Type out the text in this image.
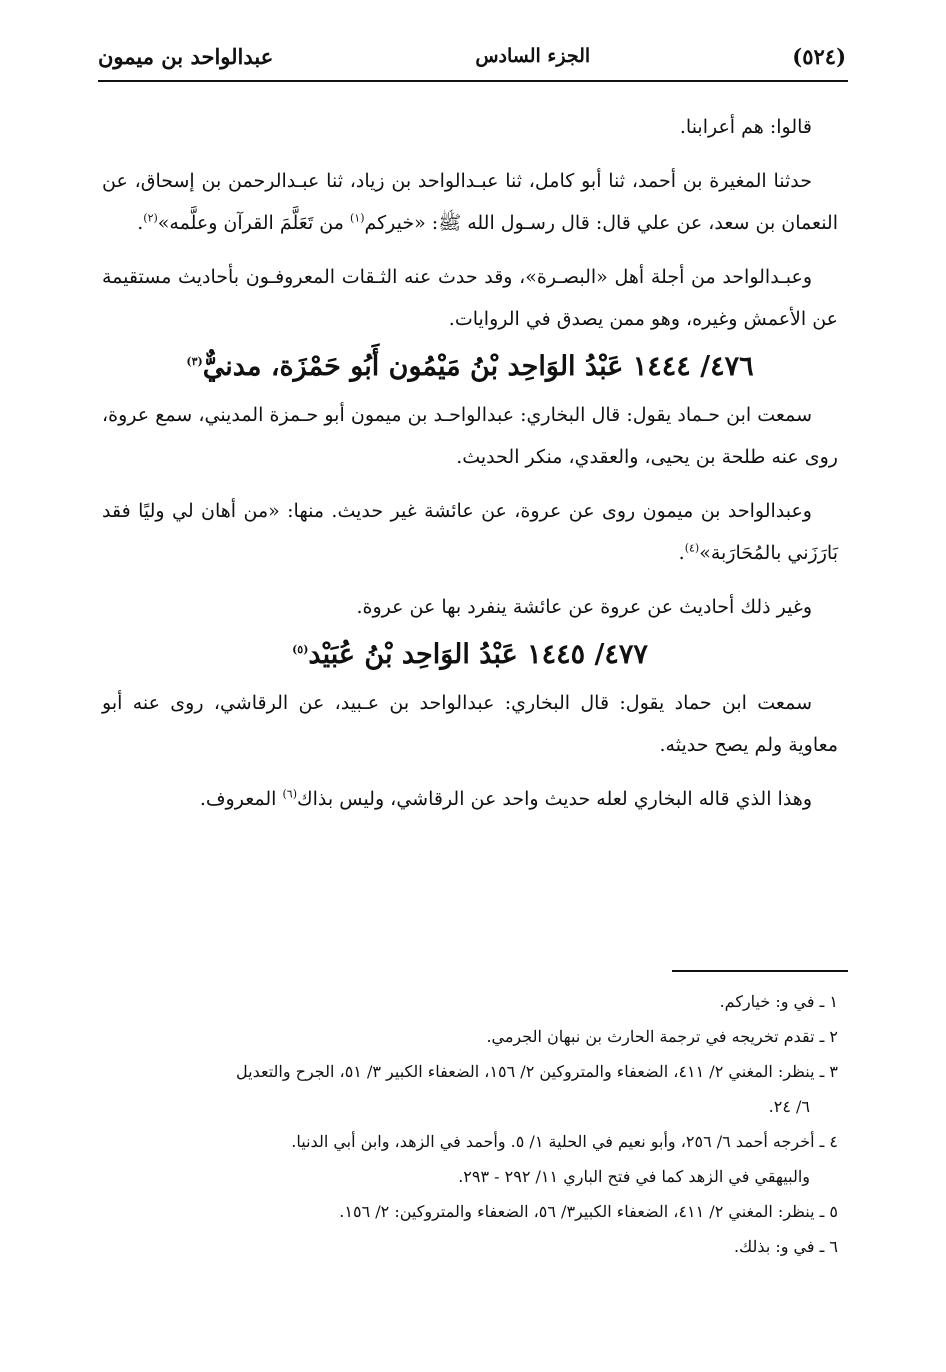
عبدالواحد بن ميمون	الجزء السادس	(٥٢٤)

قالوا: هم أعرابنا.

حدثنا المغيرة بن أحمد، ثنا أبو كامل، ثنا عبـدالواحد بن زياد، ثنا عبـدالرحمن بن إسحاق، عن النعمان بن سعد، عن علي قال: قال رسـول الله ﷺ: «خيركم$^{(١)}$ من تَعَلَّمَ القرآن وعلَّمه»$^{(٢)}$.

وعبـدالواحد من أجلة أهل «البصـرة»، وقد حدث عنه الثـقات المعروفـون بأحاديث مستقيمة عن الأعمش وغيره، وهو ممن يصدق في الروايات.

٤٧٦/ ١٤٤٤ عَبْدُ الوَاحِد بْنُ مَيْمُون أَبُو حَمْزَة، مدنيٌّ$^{(٣)}$

سمعت ابن حـماد يقول: قال البخاري: عبدالواحـد بن ميمون أبو حـمزة المديني، سمع عروة، روى عنه طلحة بن يحيى، والعقدي، منكر الحديث.

وعبدالواحد بن ميمون روى عن عروة، عن عائشة غير حديث. منها: «من أهان لي وليًا فقد بَارَزَني بالمُحَارَبة»$^{(٤)}$.

وغير ذلك أحاديث عن عروة عن عائشة ينفرد بها عن عروة.

٤٧٧/ ١٤٤٥ عَبْدُ الوَاحِد بْنُ عُبَيْد$^{(٥)}$

سمعت ابن حماد يقول: قال البخاري: عبدالواحد بن عـبيد، عن الرقاشي، روى عنه أبو معاوية ولم يصح حديثه.

وهذا الذي قاله البخاري لعله حديث واحد عن الرقاشي، وليس بذاك$^{(٦)}$ المعروف.

١ ـ في و: خياركم.

٢ ـ تقدم تخريجه في ترجمة الحارث بن نبهان الجرمي.

٣ ـ ينظر: المغني ٢/ ٤١١، الضعفاء والمتروكين ٢/ ١٥٦، الضعفاء الكبير ٣/ ٥١، الجرح والتعديل

٦/ ٢٤.

٤ ـ أخرجه أحمد ٦/ ٢٥٦، وأبو نعيم في الحلية ١/ ٥. وأحمد في الزهد، وابن أبي الدنيا.

والبيهقي في الزهد كما في فتح الباري ١١/ ٢٩٢ - ٢٩٣.

٥ ـ ينظر: المغني ٢/ ٤١١، الضعفاء الكبير٣/ ٥٦، الضعفاء والمتروكين: ٢/ ١٥٦.

٦ ـ في و: بذلك.
